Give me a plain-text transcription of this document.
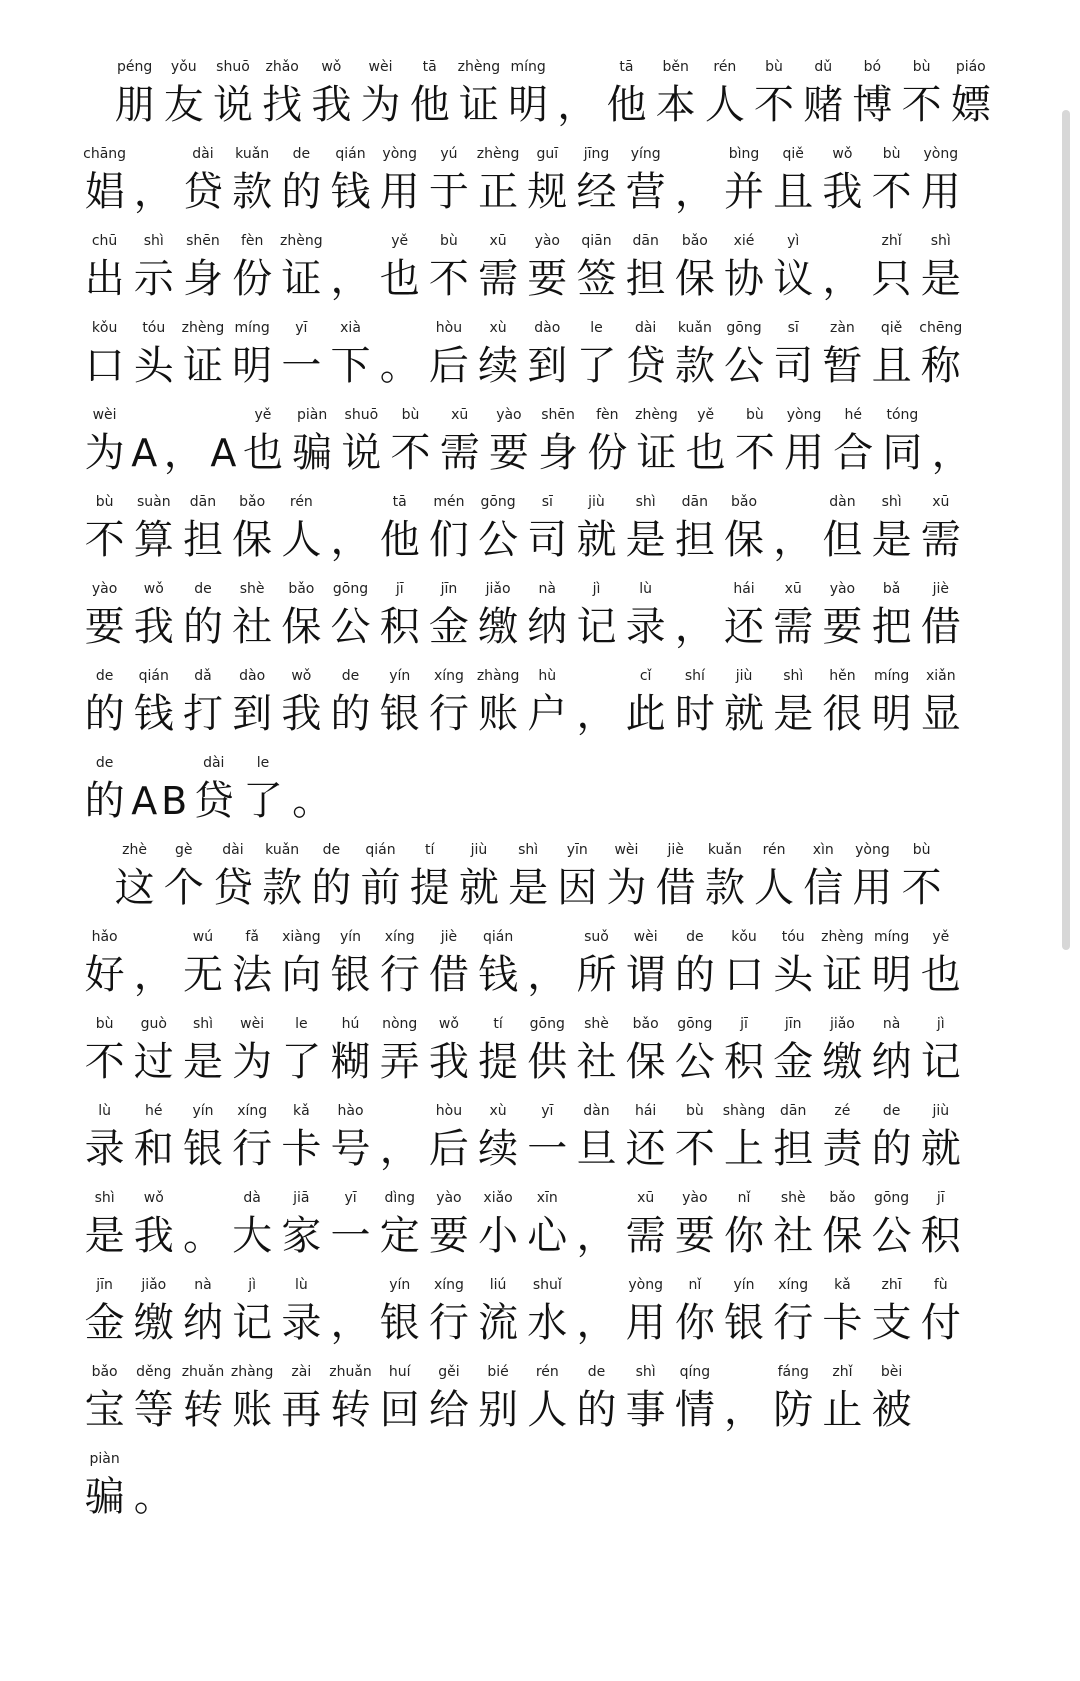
péng
朋
yǒu
友
shuō
说
zhǎo
找
wǒ
我
wèi
为
tā
他
zhèng
证
míng
明 ，
tā
他
běn
本
rén
人
bù
不
dǔ
赌
bó
博
bù
不
piáo
嫖
chāng
娼 ，
dài
贷
kuǎn
款
de
的
qián
钱
yòng
用
yú
于
zhèng
正
guī
规
jīng
经
yíng
营 ，
bìng
并
qiě
且
wǒ
我
bù
不
yòng
用
chū
出
shì
示
shēn
身
fèn
份
zhèng
证 ，
yě
也
bù
不
xū
需
yào
要
qiān
签
dān
担
bǎo
保
xié
协
yì
议 ，
zhǐ
只
shì
是
kǒu
口
tóu
头
zhèng
证
míng
明
yī
一
xià
下 。
hòu
后
xù
续
dào
到
le
了
dài
贷
kuǎn
款
gōng
公
sī
司
zàn
暂
qiě
且
chēng
称
wèi
为 A ， A
yě
也
piàn
骗
shuō
说
bù
不
xū
需
yào
要
shēn
身
fèn
份
zhèng
证
yě
也
bù
不
yòng
用
hé
合
tóng
同 ，
bù
不
suàn
算
dān
担
bǎo
保
rén
人 ，
tā
他
mén
们
gōng
公
sī
司
jiù
就
shì
是
dān
担
bǎo
保 ，
dàn
但
shì
是
xū
需
yào
要
wǒ
我
de
的
shè
社
bǎo
保
gōng
公
jī
积
jīn
金
jiǎo
缴
nà
纳
jì
记
lù
录 ，
hái
还
xū
需
yào
要
bǎ
把
jiè
借
de
的
qián
钱
dǎ
打
dào
到
wǒ
我
de
的
yín
银
xíng
行
zhàng
账
hù
户 ，
cǐ
此
shí
时
jiù
就
shì
是
hěn
很
míng
明
xiǎn
显
de
的 A B
dài
贷
le
了 。
zhè
这
gè
个
dài
贷
kuǎn
款
de
的
qián
前
tí
提
jiù
就
shì
是
yīn
因
wèi
为
jiè
借
kuǎn
款
rén
人
xìn
信
yòng
用
bù
不
hǎo
好 ，
wú
无
fǎ
法
xiàng
向
yín
银
xíng
行
jiè
借
qián
钱 ，
suǒ
所
wèi
谓
de
的
kǒu
口
tóu
头
zhèng
证
míng
明
yě
也
bù
不
guò
过
shì
是
wèi
为
le
了
hú
糊
nòng
弄
wǒ
我
tí
提
gōng
供
shè
社
bǎo
保
gōng
公
jī
积
jīn
金
jiǎo
缴
nà
纳
jì
记
lù
录
hé
和
yín
银
xíng
行
kǎ
卡
hào
号 ，
hòu
后
xù
续
yī
一
dàn
旦
hái
还
bù
不
shàng
上
dān
担
zé
责
de
的
jiù
就
shì
是
wǒ
我 。
dà
大
jiā
家
yī
一
dìng
定
yào
要
xiǎo
小
xīn
心 ，
xū
需
yào
要
nǐ
你
shè
社
bǎo
保
gōng
公
jī
积
jīn
金
jiǎo
缴
nà
纳
jì
记
lù
录 ，
yín
银
xíng
行
liú
流
shuǐ
水 ，
yòng
用
nǐ
你
yín
银
xíng
行
kǎ
卡
zhī
支
fù
付
bǎo
宝
děng
等
zhuǎn
转
zhàng
账
zài
再
zhuǎn
转
huí
回
gěi
给
bié
别
rén
人
de
的
shì
事
qíng
情 ，
fáng
防
zhǐ
止
bèi
被
piàn
骗 。
